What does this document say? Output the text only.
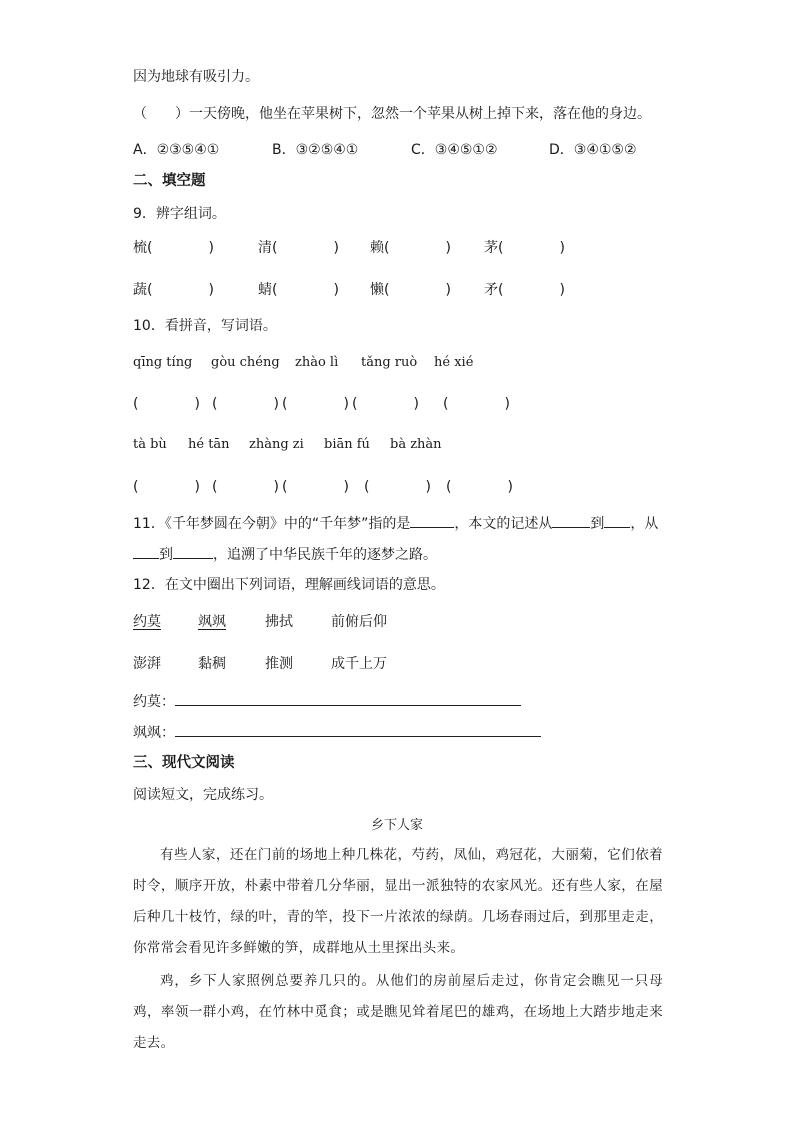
因为地球有吸引力。
（　　）一天傍晚，他坐在苹果树下，忽然一个苹果从树上掉下来，落在他的身边。
A．②③⑤④①	B．③②⑤④①	C．③④⑤①②	D．③④①⑤②
二、填空题
9．辨字组词。
梳(　　　　)	清(　　　　) 赖(　　　　) 茅(　　　　)
蔬(　　　　)	蜻(　　　　) 懒(　　　　) 矛(　　　　)
10．看拼音，写词语。
qīng tíng gòu chéng zhào lì tǎng ruò hé xié
(　　　　) (　　　　) (　　　　) (　　　　) (　　　　)
tà bù hé tān zhàng zi biān fú bà zhàn
(　　　　) (　　　　) (　　　　) (　　　　) (　　　　)
11．《千年梦圆在今朝》中的“千年梦”指的是	，本文的记述从	到 ，从
到	，追溯了中华民族千年的逐梦之路。
12．在文中圈出下列词语，理解画线词语的意思。
约莫	飒飒	拂拭	前俯后仰
澎湃	黏稠	推测	成千上万
约莫：
飒飒：
三、现代文阅读
阅读短文，完成练习。
乡下人家
有些人家，还在门前的场地上种几株花，芍药，凤仙，鸡冠花，大丽菊，它们依着时令，顺序开放，朴素中带着几分华丽，显出一派独特的农家风光。还有些人家，在屋后种几十枝竹，绿的叶，青的竿，投下一片浓浓的绿荫。几场春雨过后，到那里走走，你常常会看见许多鲜嫩的笋，成群地从土里探出头来。
鸡，乡下人家照例总要养几只的。从他们的房前屋后走过，你肯定会瞧见一只母鸡，率领一群小鸡，在竹林中觅食；或是瞧见耸着尾巴的雄鸡，在场地上大踏步地走来走去。
